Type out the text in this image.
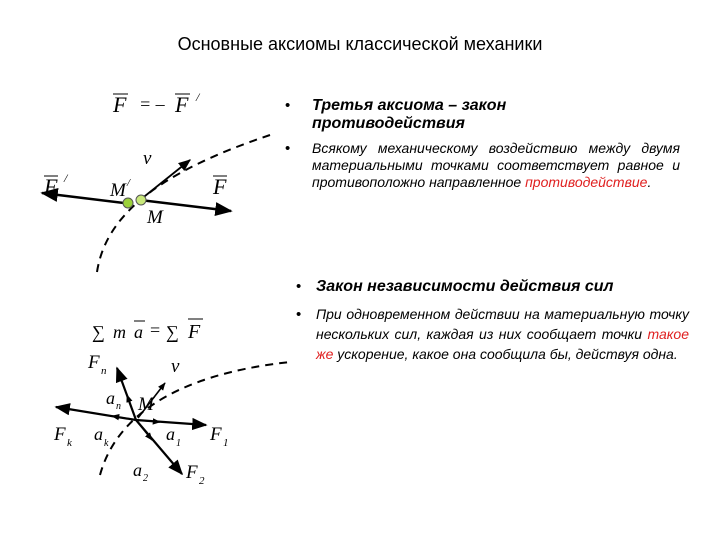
Основные аксиомы классической механики
• Третья аксиома – закон противодействия
• Всякому механическому воздействию между двумя материальными точками соответствует равное и противоположно направленное противодействие.
• Закон независимости действия сил
• При одновременном действии на материальную точку нескольких сил, каждая из них сообщает точки такое же ускорение, какое она сообщила бы, действуя одна.
F = – F /
F /	F
v
M /
M
∑ m a = ∑ F
F n	v
a n M
F k a k	a 1 F 1
a 2 F 2
